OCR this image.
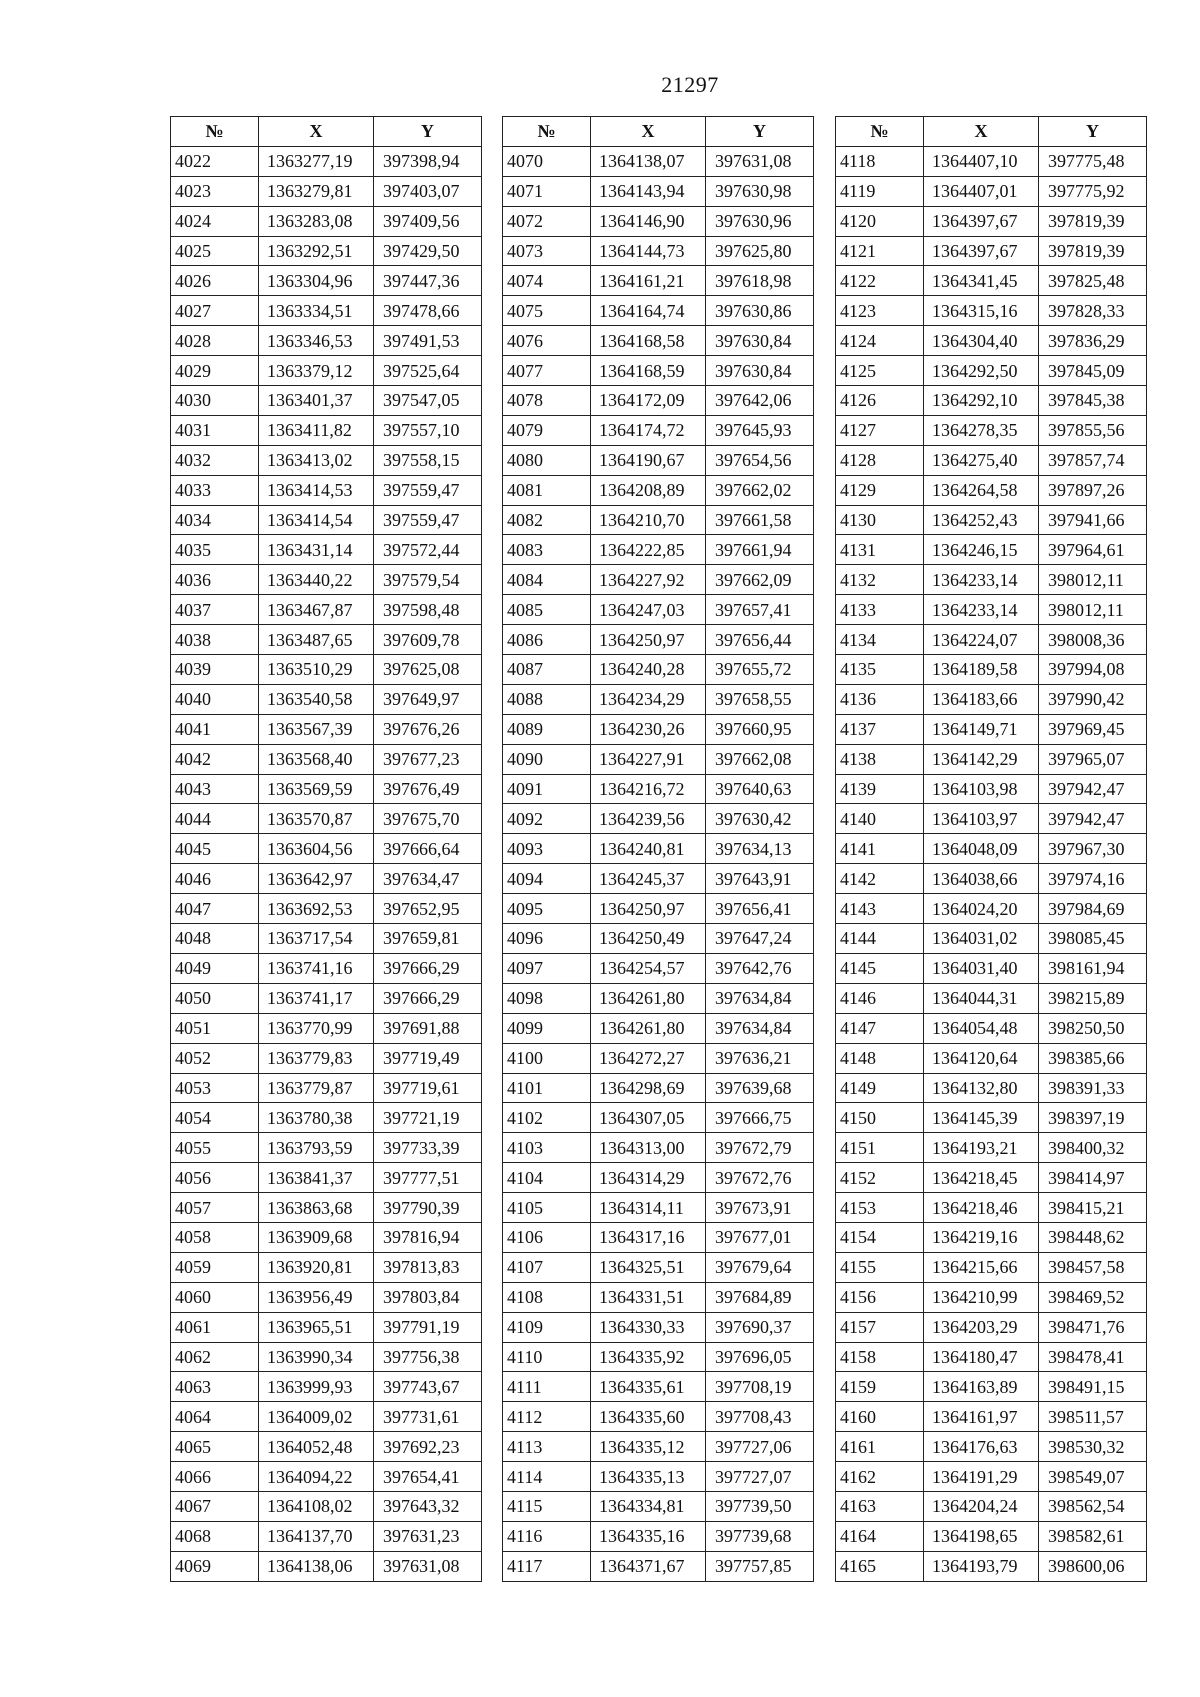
21297
№	X	Y
4022	1363277,19	397398,94
4023	1363279,81	397403,07
4024	1363283,08	397409,56
4025	1363292,51	397429,50
4026	1363304,96	397447,36
4027	1363334,51	397478,66
4028	1363346,53	397491,53
4029	1363379,12	397525,64
4030	1363401,37	397547,05
4031	1363411,82	397557,10
4032	1363413,02	397558,15
4033	1363414,53	397559,47
4034	1363414,54	397559,47
4035	1363431,14	397572,44
4036	1363440,22	397579,54
4037	1363467,87	397598,48
4038	1363487,65	397609,78
4039	1363510,29	397625,08
4040	1363540,58	397649,97
4041	1363567,39	397676,26
4042	1363568,40	397677,23
4043	1363569,59	397676,49
4044	1363570,87	397675,70
4045	1363604,56	397666,64
4046	1363642,97	397634,47
4047	1363692,53	397652,95
4048	1363717,54	397659,81
4049	1363741,16	397666,29
4050	1363741,17	397666,29
4051	1363770,99	397691,88
4052	1363779,83	397719,49
4053	1363779,87	397719,61
4054	1363780,38	397721,19
4055	1363793,59	397733,39
4056	1363841,37	397777,51
4057	1363863,68	397790,39
4058	1363909,68	397816,94
4059	1363920,81	397813,83
4060	1363956,49	397803,84
4061	1363965,51	397791,19
4062	1363990,34	397756,38
4063	1363999,93	397743,67
4064	1364009,02	397731,61
4065	1364052,48	397692,23
4066	1364094,22	397654,41
4067	1364108,02	397643,32
4068	1364137,70	397631,23
4069	1364138,06	397631,08
№	X	Y
4070	1364138,07	397631,08
4071	1364143,94	397630,98
4072	1364146,90	397630,96
4073	1364144,73	397625,80
4074	1364161,21	397618,98
4075	1364164,74	397630,86
4076	1364168,58	397630,84
4077	1364168,59	397630,84
4078	1364172,09	397642,06
4079	1364174,72	397645,93
4080	1364190,67	397654,56
4081	1364208,89	397662,02
4082	1364210,70	397661,58
4083	1364222,85	397661,94
4084	1364227,92	397662,09
4085	1364247,03	397657,41
4086	1364250,97	397656,44
4087	1364240,28	397655,72
4088	1364234,29	397658,55
4089	1364230,26	397660,95
4090	1364227,91	397662,08
4091	1364216,72	397640,63
4092	1364239,56	397630,42
4093	1364240,81	397634,13
4094	1364245,37	397643,91
4095	1364250,97	397656,41
4096	1364250,49	397647,24
4097	1364254,57	397642,76
4098	1364261,80	397634,84
4099	1364261,80	397634,84
4100	1364272,27	397636,21
4101	1364298,69	397639,68
4102	1364307,05	397666,75
4103	1364313,00	397672,79
4104	1364314,29	397672,76
4105	1364314,11	397673,91
4106	1364317,16	397677,01
4107	1364325,51	397679,64
4108	1364331,51	397684,89
4109	1364330,33	397690,37
4110	1364335,92	397696,05
4111	1364335,61	397708,19
4112	1364335,60	397708,43
4113	1364335,12	397727,06
4114	1364335,13	397727,07
4115	1364334,81	397739,50
4116	1364335,16	397739,68
4117	1364371,67	397757,85
№	X	Y
4118	1364407,10	397775,48
4119	1364407,01	397775,92
4120	1364397,67	397819,39
4121	1364397,67	397819,39
4122	1364341,45	397825,48
4123	1364315,16	397828,33
4124	1364304,40	397836,29
4125	1364292,50	397845,09
4126	1364292,10	397845,38
4127	1364278,35	397855,56
4128	1364275,40	397857,74
4129	1364264,58	397897,26
4130	1364252,43	397941,66
4131	1364246,15	397964,61
4132	1364233,14	398012,11
4133	1364233,14	398012,11
4134	1364224,07	398008,36
4135	1364189,58	397994,08
4136	1364183,66	397990,42
4137	1364149,71	397969,45
4138	1364142,29	397965,07
4139	1364103,98	397942,47
4140	1364103,97	397942,47
4141	1364048,09	397967,30
4142	1364038,66	397974,16
4143	1364024,20	397984,69
4144	1364031,02	398085,45
4145	1364031,40	398161,94
4146	1364044,31	398215,89
4147	1364054,48	398250,50
4148	1364120,64	398385,66
4149	1364132,80	398391,33
4150	1364145,39	398397,19
4151	1364193,21	398400,32
4152	1364218,45	398414,97
4153	1364218,46	398415,21
4154	1364219,16	398448,62
4155	1364215,66	398457,58
4156	1364210,99	398469,52
4157	1364203,29	398471,76
4158	1364180,47	398478,41
4159	1364163,89	398491,15
4160	1364161,97	398511,57
4161	1364176,63	398530,32
4162	1364191,29	398549,07
4163	1364204,24	398562,54
4164	1364198,65	398582,61
4165	1364193,79	398600,06
